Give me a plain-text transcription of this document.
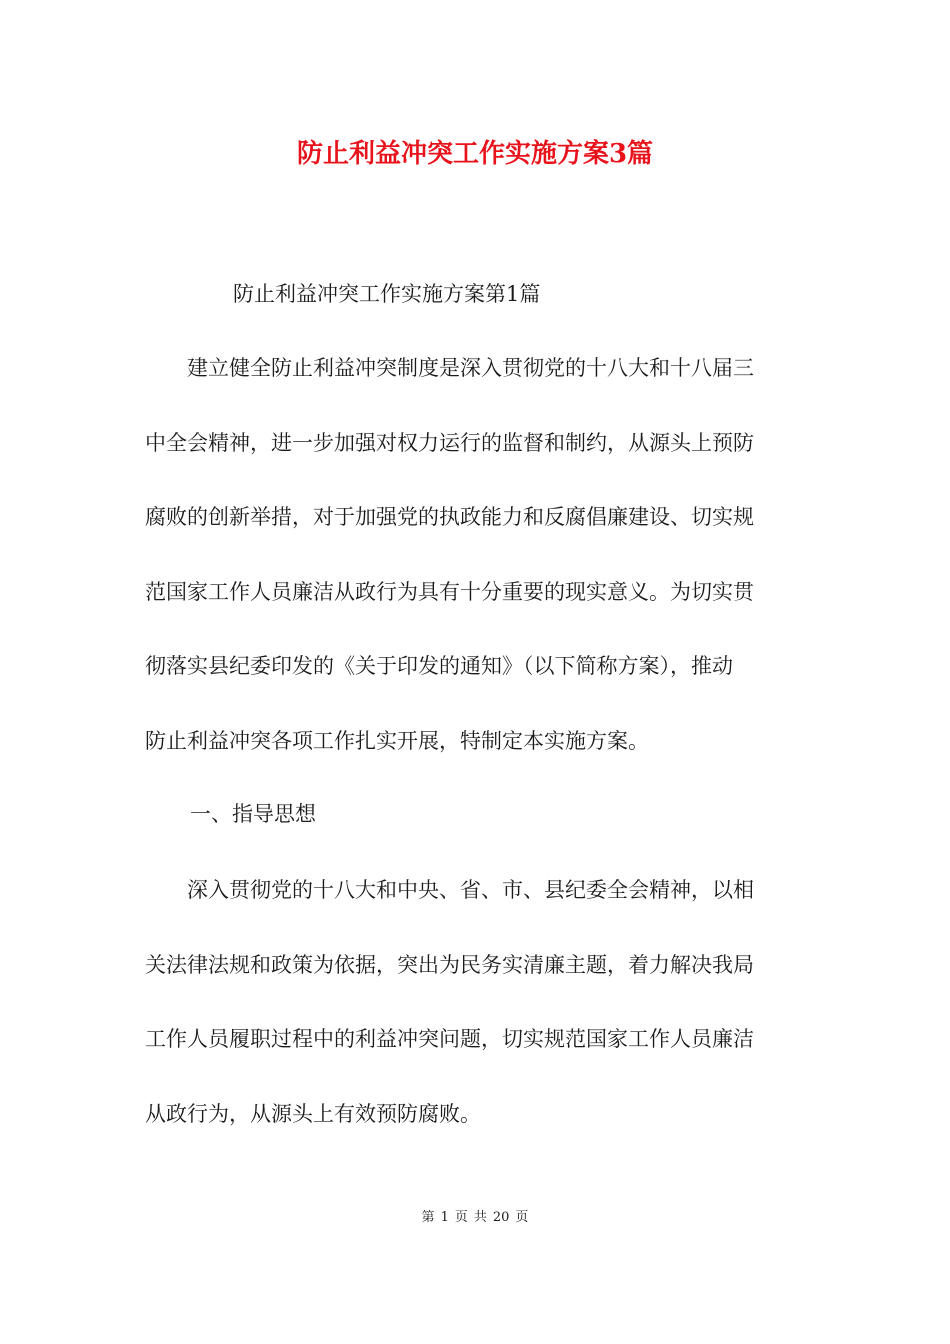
防止利益冲突工作实施方案3篇
防止利益冲突工作实施方案第1篇
　　建立健全防止利益冲突制度是深入贯彻党的十八大和十八届三
中全会精神，进一步加强对权力运行的监督和制约，从源头上预防
腐败的创新举措，对于加强党的执政能力和反腐倡廉建设、切实规
范国家工作人员廉洁从政行为具有十分重要的现实意义。为切实贯
彻落实县纪委印发的《关于印发的通知》（以下简称方案），推动
防止利益冲突各项工作扎实开展，特制定本实施方案。
一、指导思想
　　深入贯彻党的十八大和中央、省、市、县纪委全会精神，以相
关法律法规和政策为依据，突出为民务实清廉主题，着力解决我局
工作人员履职过程中的利益冲突问题，切实规范国家工作人员廉洁
从政行为，从源头上有效预防腐败。
第 1 页 共 20 页
